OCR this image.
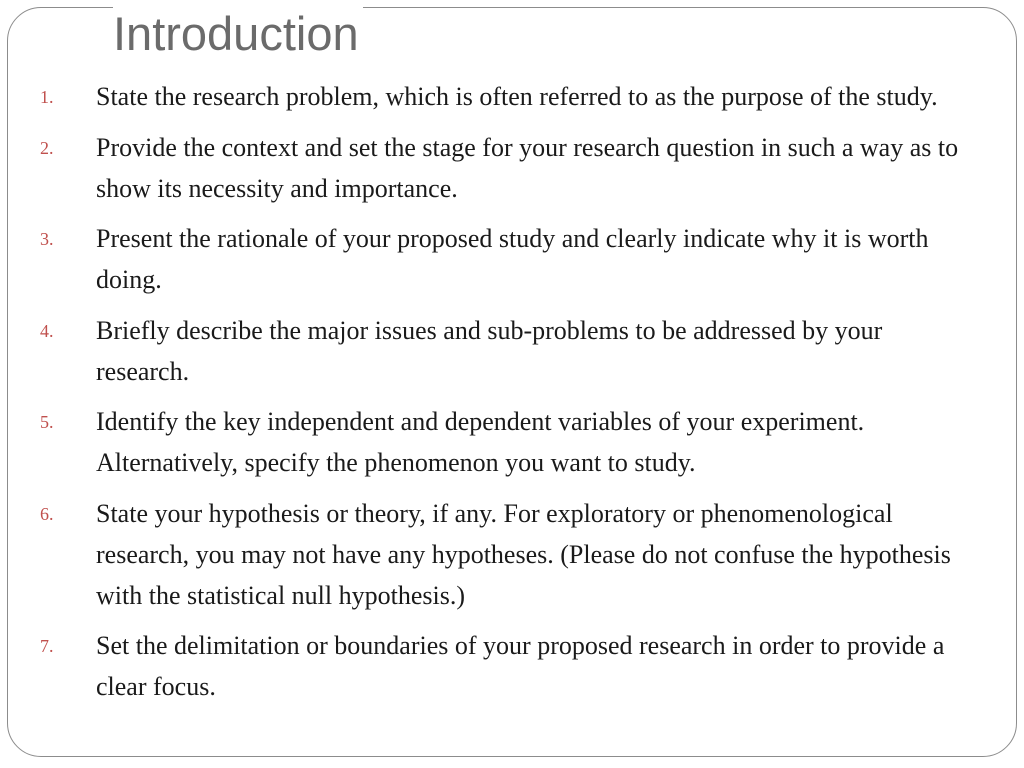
Introduction
1. State the research problem, which is often referred to as the purpose of the study.
2. Provide the context and set the stage for your research question in such a way as to show its necessity and importance.
3. Present the rationale of your proposed study and clearly indicate why it is worth doing.
4. Briefly describe the major issues and sub-problems to be addressed by your research.
5. Identify the key independent and dependent variables of your experiment. Alternatively, specify the phenomenon you want to study.
6. State your hypothesis or theory, if any. For exploratory or phenomenological research, you may not have any hypotheses. (Please do not confuse the hypothesis with the statistical null hypothesis.)
7. Set the delimitation or boundaries of your proposed research in order to provide a clear focus.
